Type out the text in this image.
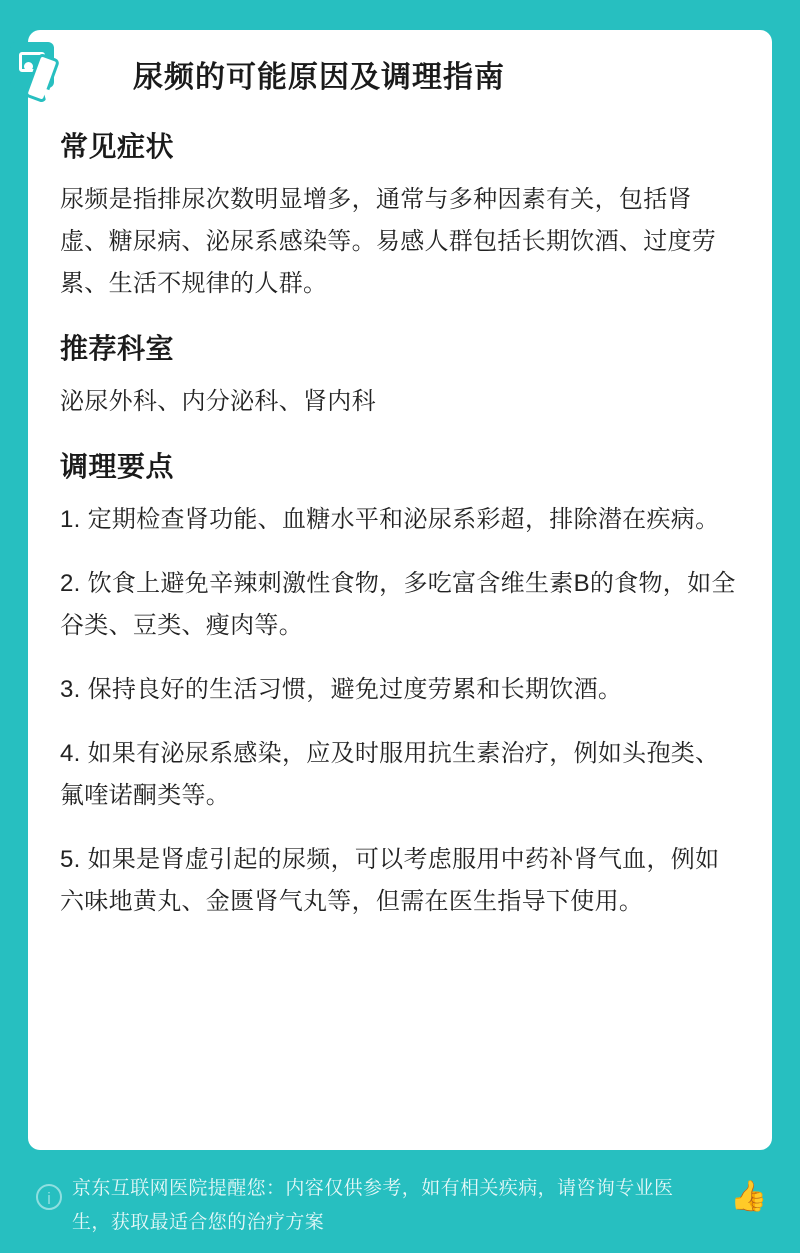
尿频的可能原因及调理指南
常见症状

尿频是指排尿次数明显增多，通常与多种因素有关，包括肾虚、糖尿病、泌尿系感染等。易感人群包括长期饮酒、过度劳累、生活不规律的人群。

推荐科室

泌尿外科、内分泌科、肾内科

调理要点

1. 定期检查肾功能、血糖水平和泌尿系彩超，排除潜在疾病。

2. 饮食上避免辛辣刺激性食物，多吃富含维生素B的食物，如全谷类、豆类、瘦肉等。

3. 保持良好的生活习惯，避免过度劳累和长期饮酒。

4. 如果有泌尿系感染，应及时服用抗生素治疗，例如头孢类、氟喹诺酮类等。

5. 如果是肾虚引起的尿频，可以考虑服用中药补肾气血，例如六味地黄丸、金匮肾气丸等，但需在医生指导下使用。

i	京东互联网医院提醒您：内容仅供参考，如有相关疾病，请咨询专业医生，获取最适合您的治疗方案
👍
